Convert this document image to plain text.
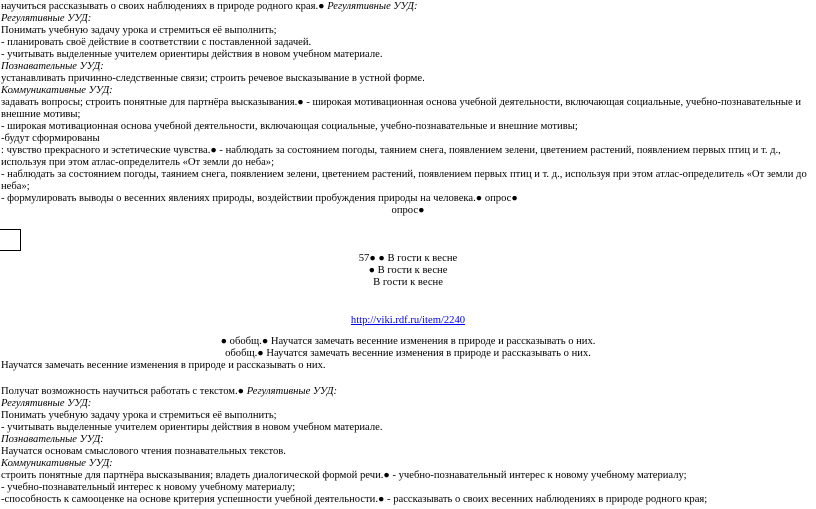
научиться рассказывать о своих наблюдениях в природе родного края.● Регулятивные УУД:
Регулятивные УУД:
Понимать учебную задачу урока и стремиться её выполнить;
- планировать своё действие в соответствии с поставленной задачей.
- учитывать выделенные учителем ориентиры действия в новом учебном материале.
Познавательные УУД:
устанавливать причинно-следственные связи; строить речевое высказывание в устной форме.
Коммуникативные УУД:
задавать вопросы; строить понятные для партнёра высказывания.● - широкая мотивационная основа учебной деятельности, включающая социальные, учебно-познавательные и внешние мотивы;
- широкая мотивационная основа учебной деятельности, включающая социальные, учебно-познавательные и внешние мотивы;
-будут сформированы
: чувство прекрасного и эстетические чувства.● - наблюдать за состоянием погоды, таянием снега, появлением зелени, цветением растений, появлением первых птиц и т. д., используя при этом атлас-определитель «От земли до неба»;
- наблюдать за состоянием погоды, таянием снега, появлением зелени, цветением растений, появлением первых птиц и т. д., используя при этом атлас-определитель «От земли до неба»;
- формулировать выводы о весенних явлениях природы, воздействии пробуждения природы на человека.● опрос●
опрос●
57● ● В гости к весне
● В гости к весне
В гости к весне
http://viki.rdf.ru/item/2240
● обобщ.● Научатся замечать весенние изменения в природе и рассказывать о них.
обобщ.● Научатся замечать весенние изменения в природе и рассказывать о них.
Научатся замечать весенние изменения в природе и рассказывать о них.
Получат возможность научиться работать с текстом.● Регулятивные УУД:
Регулятивные УУД:
Понимать учебную задачу урока и стремиться её выполнить;
- учитывать выделенные учителем ориентиры действия в новом учебном материале.
Познавательные УУД:
Научатся основам смыслового чтения познавательных текстов.
Коммуникативные УУД:
строить понятные для партнёра высказывания; владеть диалогической формой речи.● - учебно-познавательный интерес к новому учебному материалу;
- учебно-познавательный интерес к новому учебному материалу;
-способность к самооценке на основе критерия успешности учебной деятельности.● - рассказывать о своих весенних наблюдениях в природе родного края;
